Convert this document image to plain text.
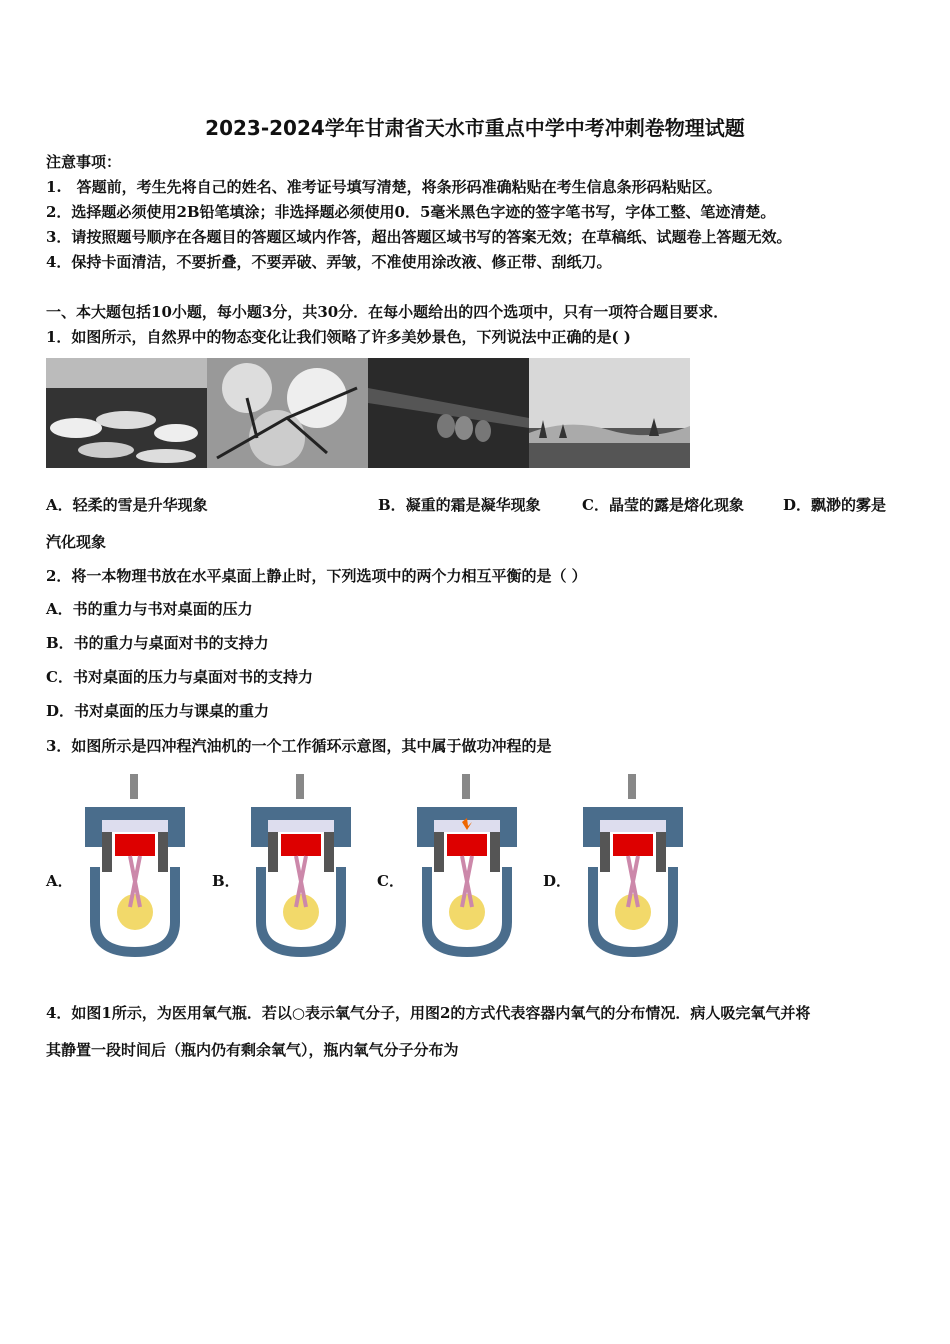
2023-2024学年甘肃省天水市重点中学中考冲刺卷物理试题
注意事项：
1.　答题前，考生先将自己的姓名、准考证号填写清楚，将条形码准确粘贴在考生信息条形码粘贴区。
2．选择题必须使用2B铅笔填涂；非选择题必须使用0．5毫米黑色字迹的签字笔书写，字体工整、笔迹清楚。
3．请按照题号顺序在各题目的答题区域内作答，超出答题区域书写的答案无效；在草稿纸、试题卷上答题无效。
4．保持卡面清洁，不要折叠，不要弄破、弄皱，不准使用涂改液、修正带、刮纸刀。
一、本大题包括10小题，每小题3分，共30分．在每小题给出的四个选项中，只有一项符合题目要求．
1．如图所示，自然界中的物态变化让我们领略了许多美妙景色，下列说法中正确的是( )
A．轻柔的雪是升华现象	B．凝重的霜是凝华现象	C．晶莹的露是熔化现象	D．飘渺的雾是
汽化现象
2．将一本物理书放在水平桌面上静止时，下列选项中的两个力相互平衡的是（ ）
A．书的重力与书对桌面的压力
B．书的重力与桌面对书的支持力
C．书对桌面的压力与桌面对书的支持力
D．书对桌面的压力与课桌的重力
3．如图所示是四冲程汽油机的一个工作循环示意图，其中属于做功冲程的是
A．	B．	C．	D．
4．如图1所示，为医用氧气瓶．若以○表示氧气分子，用图2的方式代表容器内氧气的分布情况．病人吸完氧气并将
其静置一段时间后（瓶内仍有剩余氧气），瓶内氧气分子分布为
